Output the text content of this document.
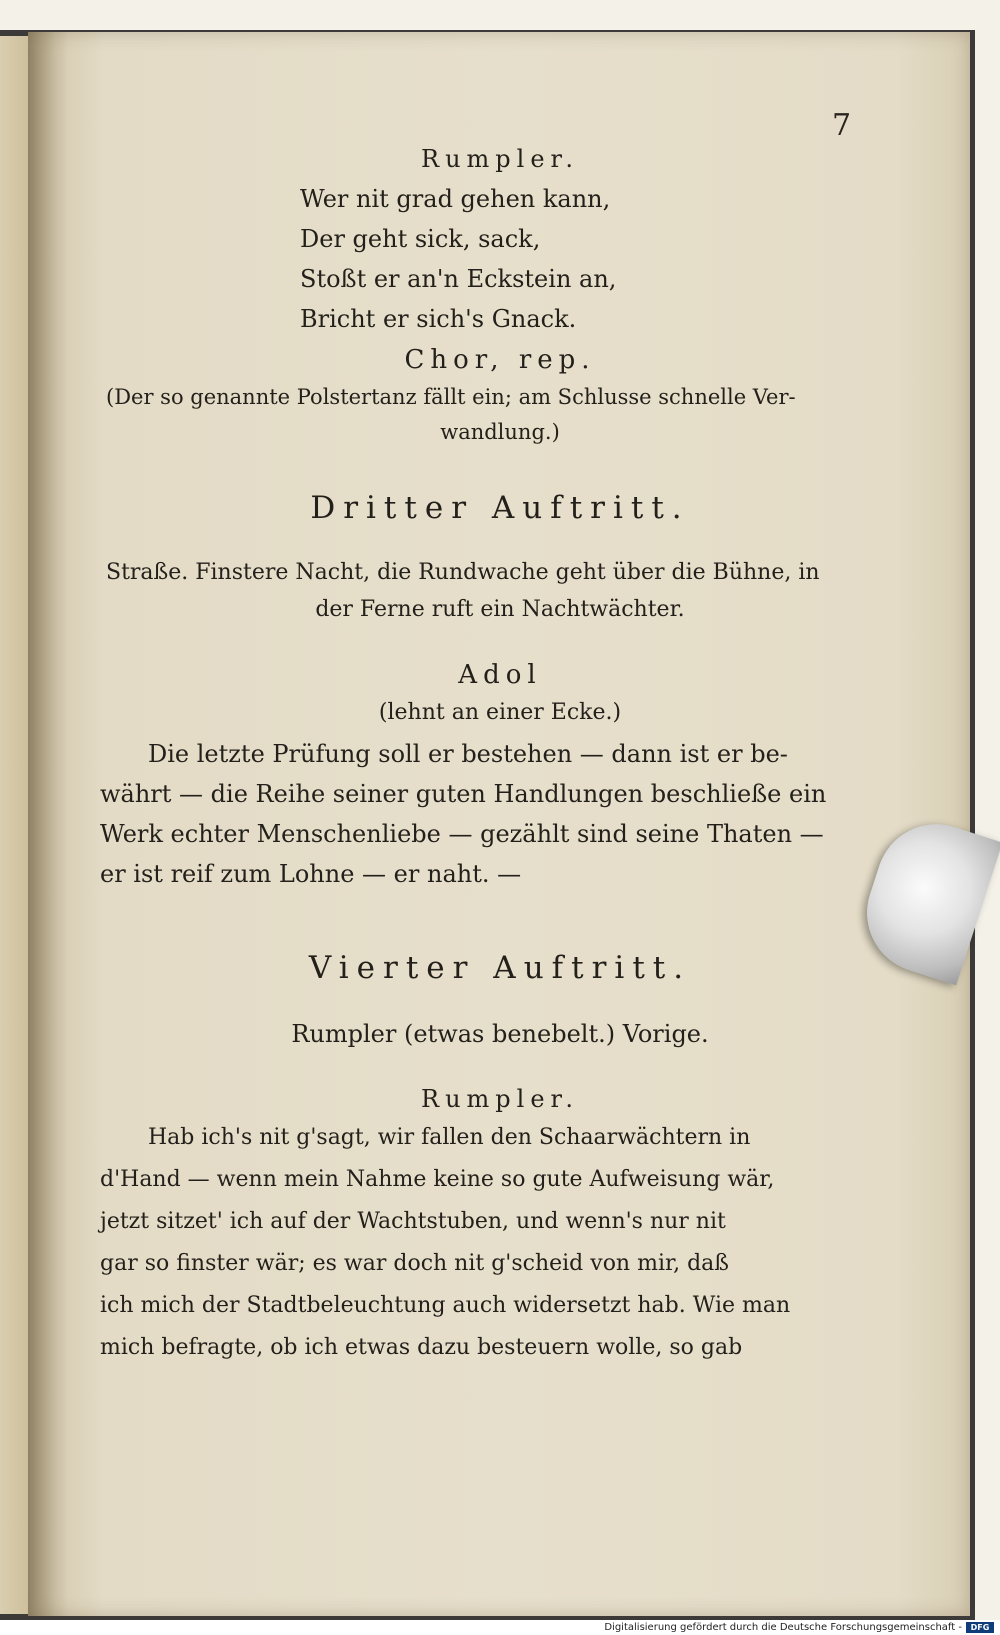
7
Rumpler.
Wer nit grad gehen kann,
Der geht sick, sack,
Stoßt er an'n Eckstein an,
Bricht er sich's Gnack.
Chor, rep.
(Der so genannte Polstertanz fällt ein; am Schlusse schnelle Ver-
wandlung.)
Dritter Auftritt.
Straße. Finstere Nacht, die Rundwache geht über die Bühne, in
der Ferne ruft ein Nachtwächter.
Adol
(lehnt an einer Ecke.)
Die letzte Prüfung soll er bestehen — dann ist er be-
währt — die Reihe seiner guten Handlungen beschließe ein
Werk echter Menschenliebe — gezählt sind seine Thaten —
er ist reif zum Lohne — er naht. —
Vierter Auftritt.
Rumpler (etwas benebelt.) Vorige.
Rumpler.
Hab ich's nit g'sagt, wir fallen den Schaarwächtern in
d'Hand — wenn mein Nahme keine so gute Aufweisung wär,
jetzt sitzet' ich auf der Wachtstuben, und wenn's nur nit
gar so finster wär; es war doch nit g'scheid von mir, daß
ich mich der Stadtbeleuchtung auch widersetzt hab. Wie man
mich befragte, ob ich etwas dazu besteuern wolle, so gab
Digitalisierung gefördert durch die Deutsche Forschungsgemeinschaft -	DFG
